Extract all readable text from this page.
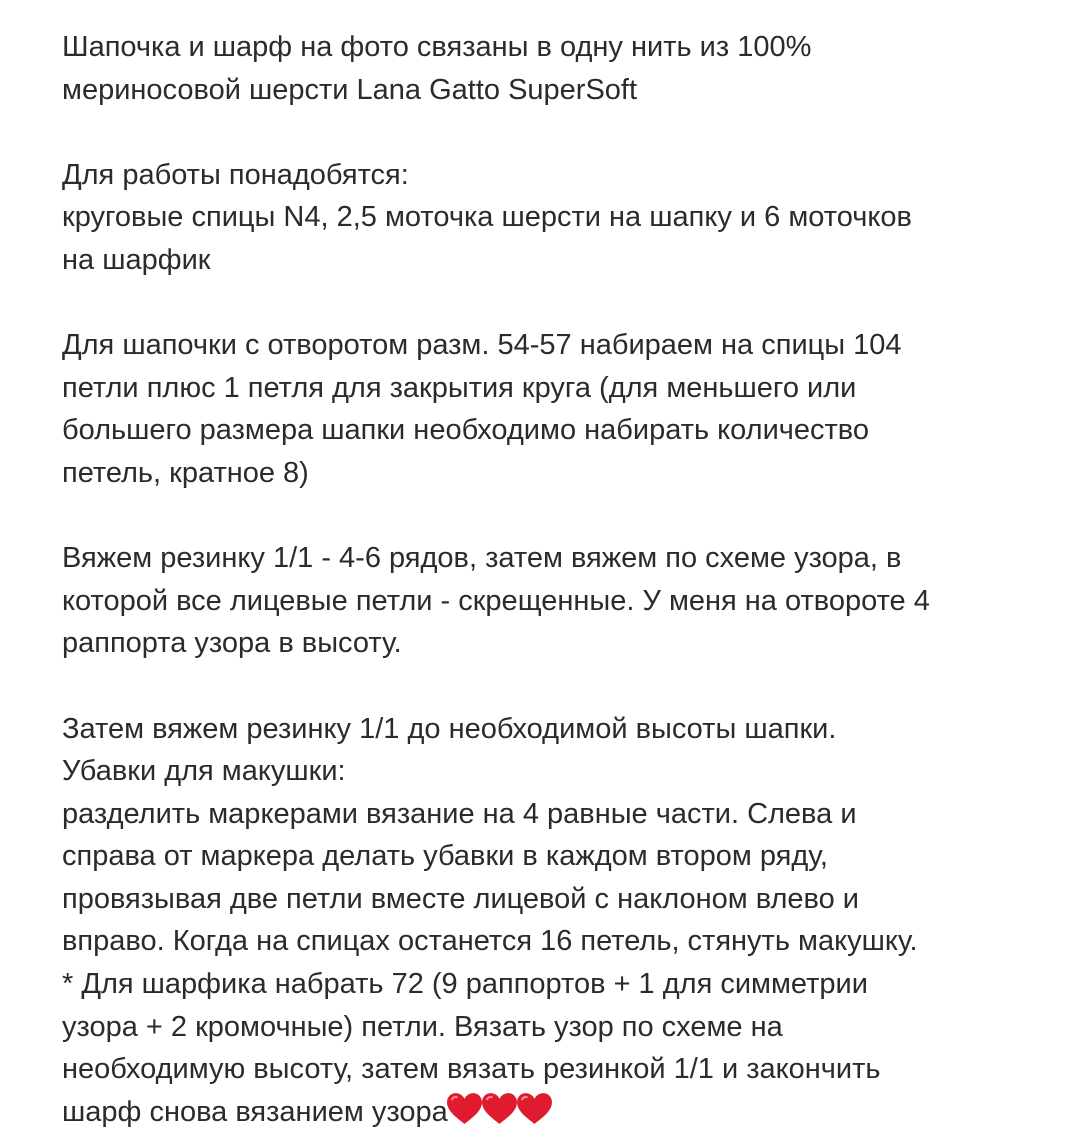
Шапочка и шарф на фото связаны в одну нить из 100%
мериносовой шерсти Lana Gatto SuperSoft
Для работы понадобятся:
круговые спицы N4, 2,5 моточка шерсти на шапку и 6 моточков
на шарфик
Для шапочки с отворотом разм. 54-57 набираем на спицы 104
петли плюс 1 петля для закрытия круга (для меньшего или
большего размера шапки необходимо набирать количество
петель, кратное 8)
Вяжем резинку 1/1 - 4-6 рядов, затем вяжем по схеме узора, в
которой все лицевые петли - скрещенные. У меня на отвороте 4
раппорта узора в высоту.
Затем вяжем резинку 1/1 до необходимой высоты шапки.
Убавки для макушки:
разделить маркерами вязание на 4 равные части. Слева и
справа от маркера делать убавки в каждом втором ряду,
провязывая две петли вместе лицевой с наклоном влево и
вправо. Когда на спицах останется 16 петель, стянуть макушку.
* Для шарфика набрать 72 (9 раппортов + 1 для симметрии
узора + 2 кромочные) петли. Вязать узор по схеме на
необходимую высоту, затем вязать резинкой 1/1 и закончить
шарф снова вязанием узора
